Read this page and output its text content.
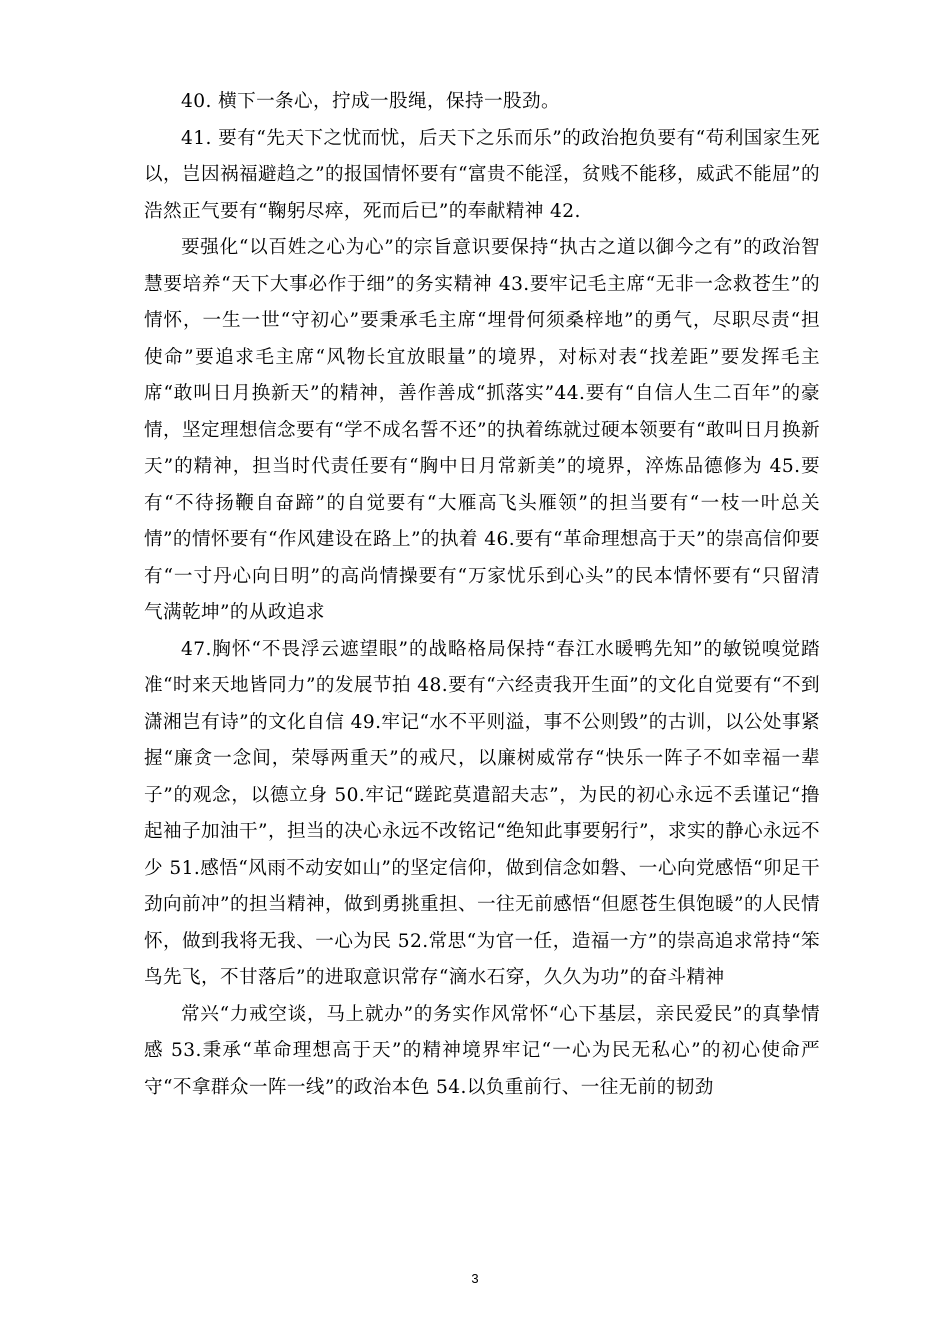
40. 横下一条心，拧成一股绳，保持一股劲。

41. 要有“先天下之忧而忧，后天下之乐而乐”的政治抱负要有“苟利国家生死以，岂因祸福避趋之”的报国情怀要有“富贵不能淫，贫贱不能移，威武不能屈”的浩然正气要有“鞠躬尽瘁，死而后已”的奉献精神 42.

要强化“以百姓之心为心”的宗旨意识要保持“执古之道以御今之有”的政治智慧要培养“天下大事必作于细”的务实精神 43.要牢记毛主席“无非一念救苍生”的情怀，一生一世“守初心”要秉承毛主席“埋骨何须桑梓地”的勇气，尽职尽责“担使命”要追求毛主席“风物长宜放眼量”的境界，对标对表“找差距”要发挥毛主席“敢叫日月换新天”的精神，善作善成“抓落实”44.要有“自信人生二百年”的豪情，坚定理想信念要有“学不成名誓不还”的执着练就过硬本领要有“敢叫日月换新天”的精神，担当时代责任要有“胸中日月常新美”的境界，淬炼品德修为 45.要有“不待扬鞭自奋蹄”的自觉要有“大雁高飞头雁领”的担当要有“一枝一叶总关情”的情怀要有“作风建设在路上”的执着 46.要有“革命理想高于天”的崇高信仰要有“一寸丹心向日明”的高尚情操要有“万家忧乐到心头”的民本情怀要有“只留清气满乾坤”的从政追求

47.胸怀“不畏浮云遮望眼”的战略格局保持“春江水暖鸭先知”的敏锐嗅觉踏准“时来天地皆同力”的发展节拍 48.要有“六经责我开生面”的文化自觉要有“不到潇湘岂有诗”的文化自信 49.牢记“水不平则溢，事不公则毁”的古训，以公处事紧握“廉贪一念间，荣辱两重天”的戒尺，以廉树威常存“快乐一阵子不如幸福一辈子”的观念，以德立身 50.牢记“蹉跎莫遣韶夫志”，为民的初心永远不丢谨记“撸起袖子加油干”，担当的决心永远不改铭记“绝知此事要躬行”，求实的静心永远不少 51.感悟“风雨不动安如山”的坚定信仰，做到信念如磐、一心向党感悟“卯足干劲向前冲”的担当精神，做到勇挑重担、一往无前感悟“但愿苍生俱饱暖”的人民情怀，做到我将无我、一心为民 52.常思“为官一任，造福一方”的崇高追求常持“笨鸟先飞，不甘落后”的进取意识常存“滴水石穿，久久为功”的奋斗精神

常兴“力戒空谈，马上就办”的务实作风常怀“心下基层，亲民爱民”的真挚情感 53.秉承“革命理想高于天”的精神境界牢记“一心为民无私心”的初心使命严守“不拿群众一阵一线”的政治本色 54.以负重前行、一往无前的韧劲

3
